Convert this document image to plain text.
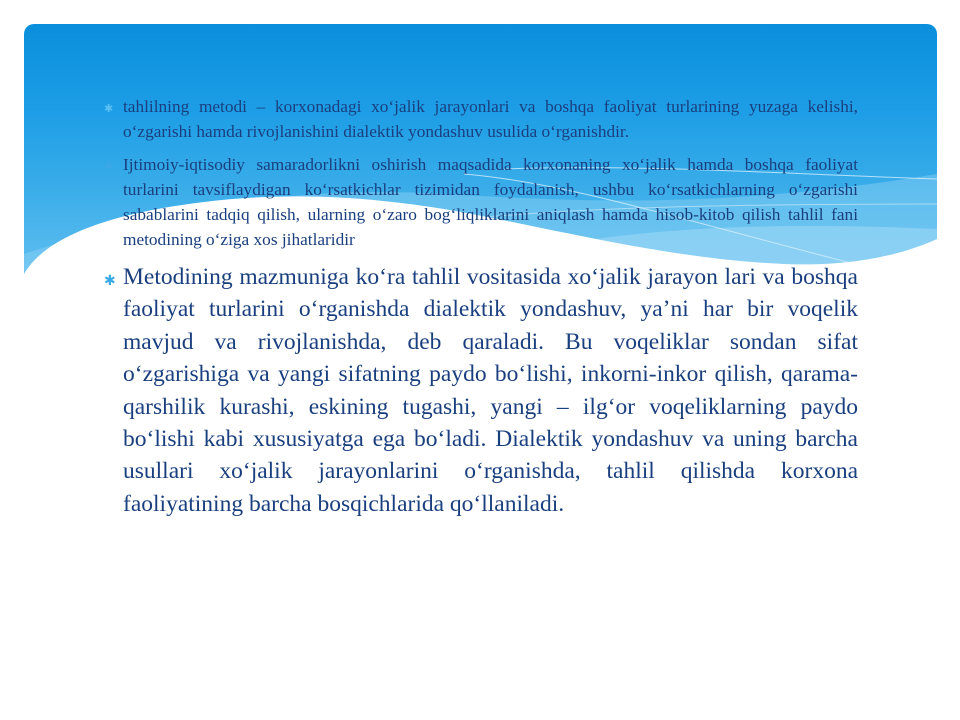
✱ tahlilning metodi – korxonadagi xo‘jalik jarayonlari va boshqa faoliyat turlarining yuzaga kelishi, o‘zgarishi hamda rivojlanishini dialektik yondashuv usulida o‘rganishdir.
✱ Ijtimoiy-iqtisodiy samaradorlikni oshirish maqsadida korxonaning xo‘jalik hamda boshqa faoliyat turlarini tavsiflaydigan ko‘rsatkichlar tizimidan foydalanish, ushbu ko‘rsatkichlarning o‘zgarishi sabablarini tadqiq qilish, ularning o‘zaro bog‘liqliklarini aniqlash hamda hisob-kitob qilish tahlil fani metodining o‘ziga xos jihatlaridir
✱ Metodining mazmuniga ko‘ra tahlil vositasida xo‘jalik jarayon lari va boshqa faoliyat turlarini o‘rganishda dialektik yondashuv, ya’ni har bir voqelik mavjud va rivojlanishda, deb qaraladi. Bu voqeliklar sondan sifat o‘zgarishiga va yangi sifatning paydo bo‘lishi, inkorni-inkor qilish, qarama-qarshilik kurashi, eskining tugashi, yangi – ilg‘or voqeliklarning paydo bo‘lishi kabi xususiyatga ega bo‘ladi. Dialektik yondashuv va uning barcha usullari xo‘jalik jarayonlarini o‘rganishda, tahlil qilishda korxona faoliyatining barcha bosqichlarida qo‘llaniladi.
